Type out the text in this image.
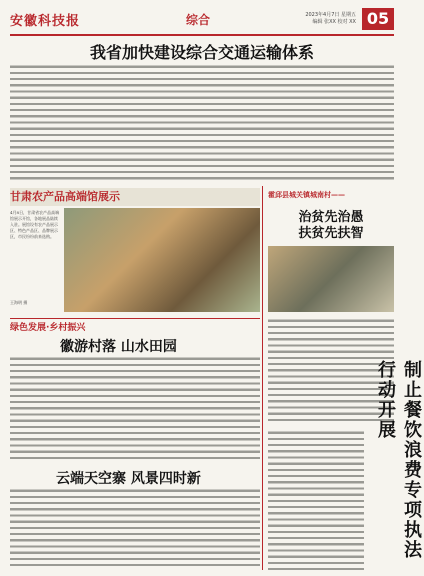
安徽科技报	综合	2023年4月7日 星期五
编辑 张XX 校对 XX 05
我省加快建设综合交通运输体系
甘肃农产品高端馆展示
4月8日，甘肃省农产品高端馆展示开馆，各地展品陆续入驻。展馆设有农产品展示区、特色产品区、品牌展示区，市民纷纷前来选购。
王海明 摄
绿色发展·乡村振兴
徽游村落 山水田园
云端天空寨 风景四时新
霍邱县城关镇城南村——
治贫先治愚
扶贫先扶智
制止餐饮浪费专项执法行动开展
